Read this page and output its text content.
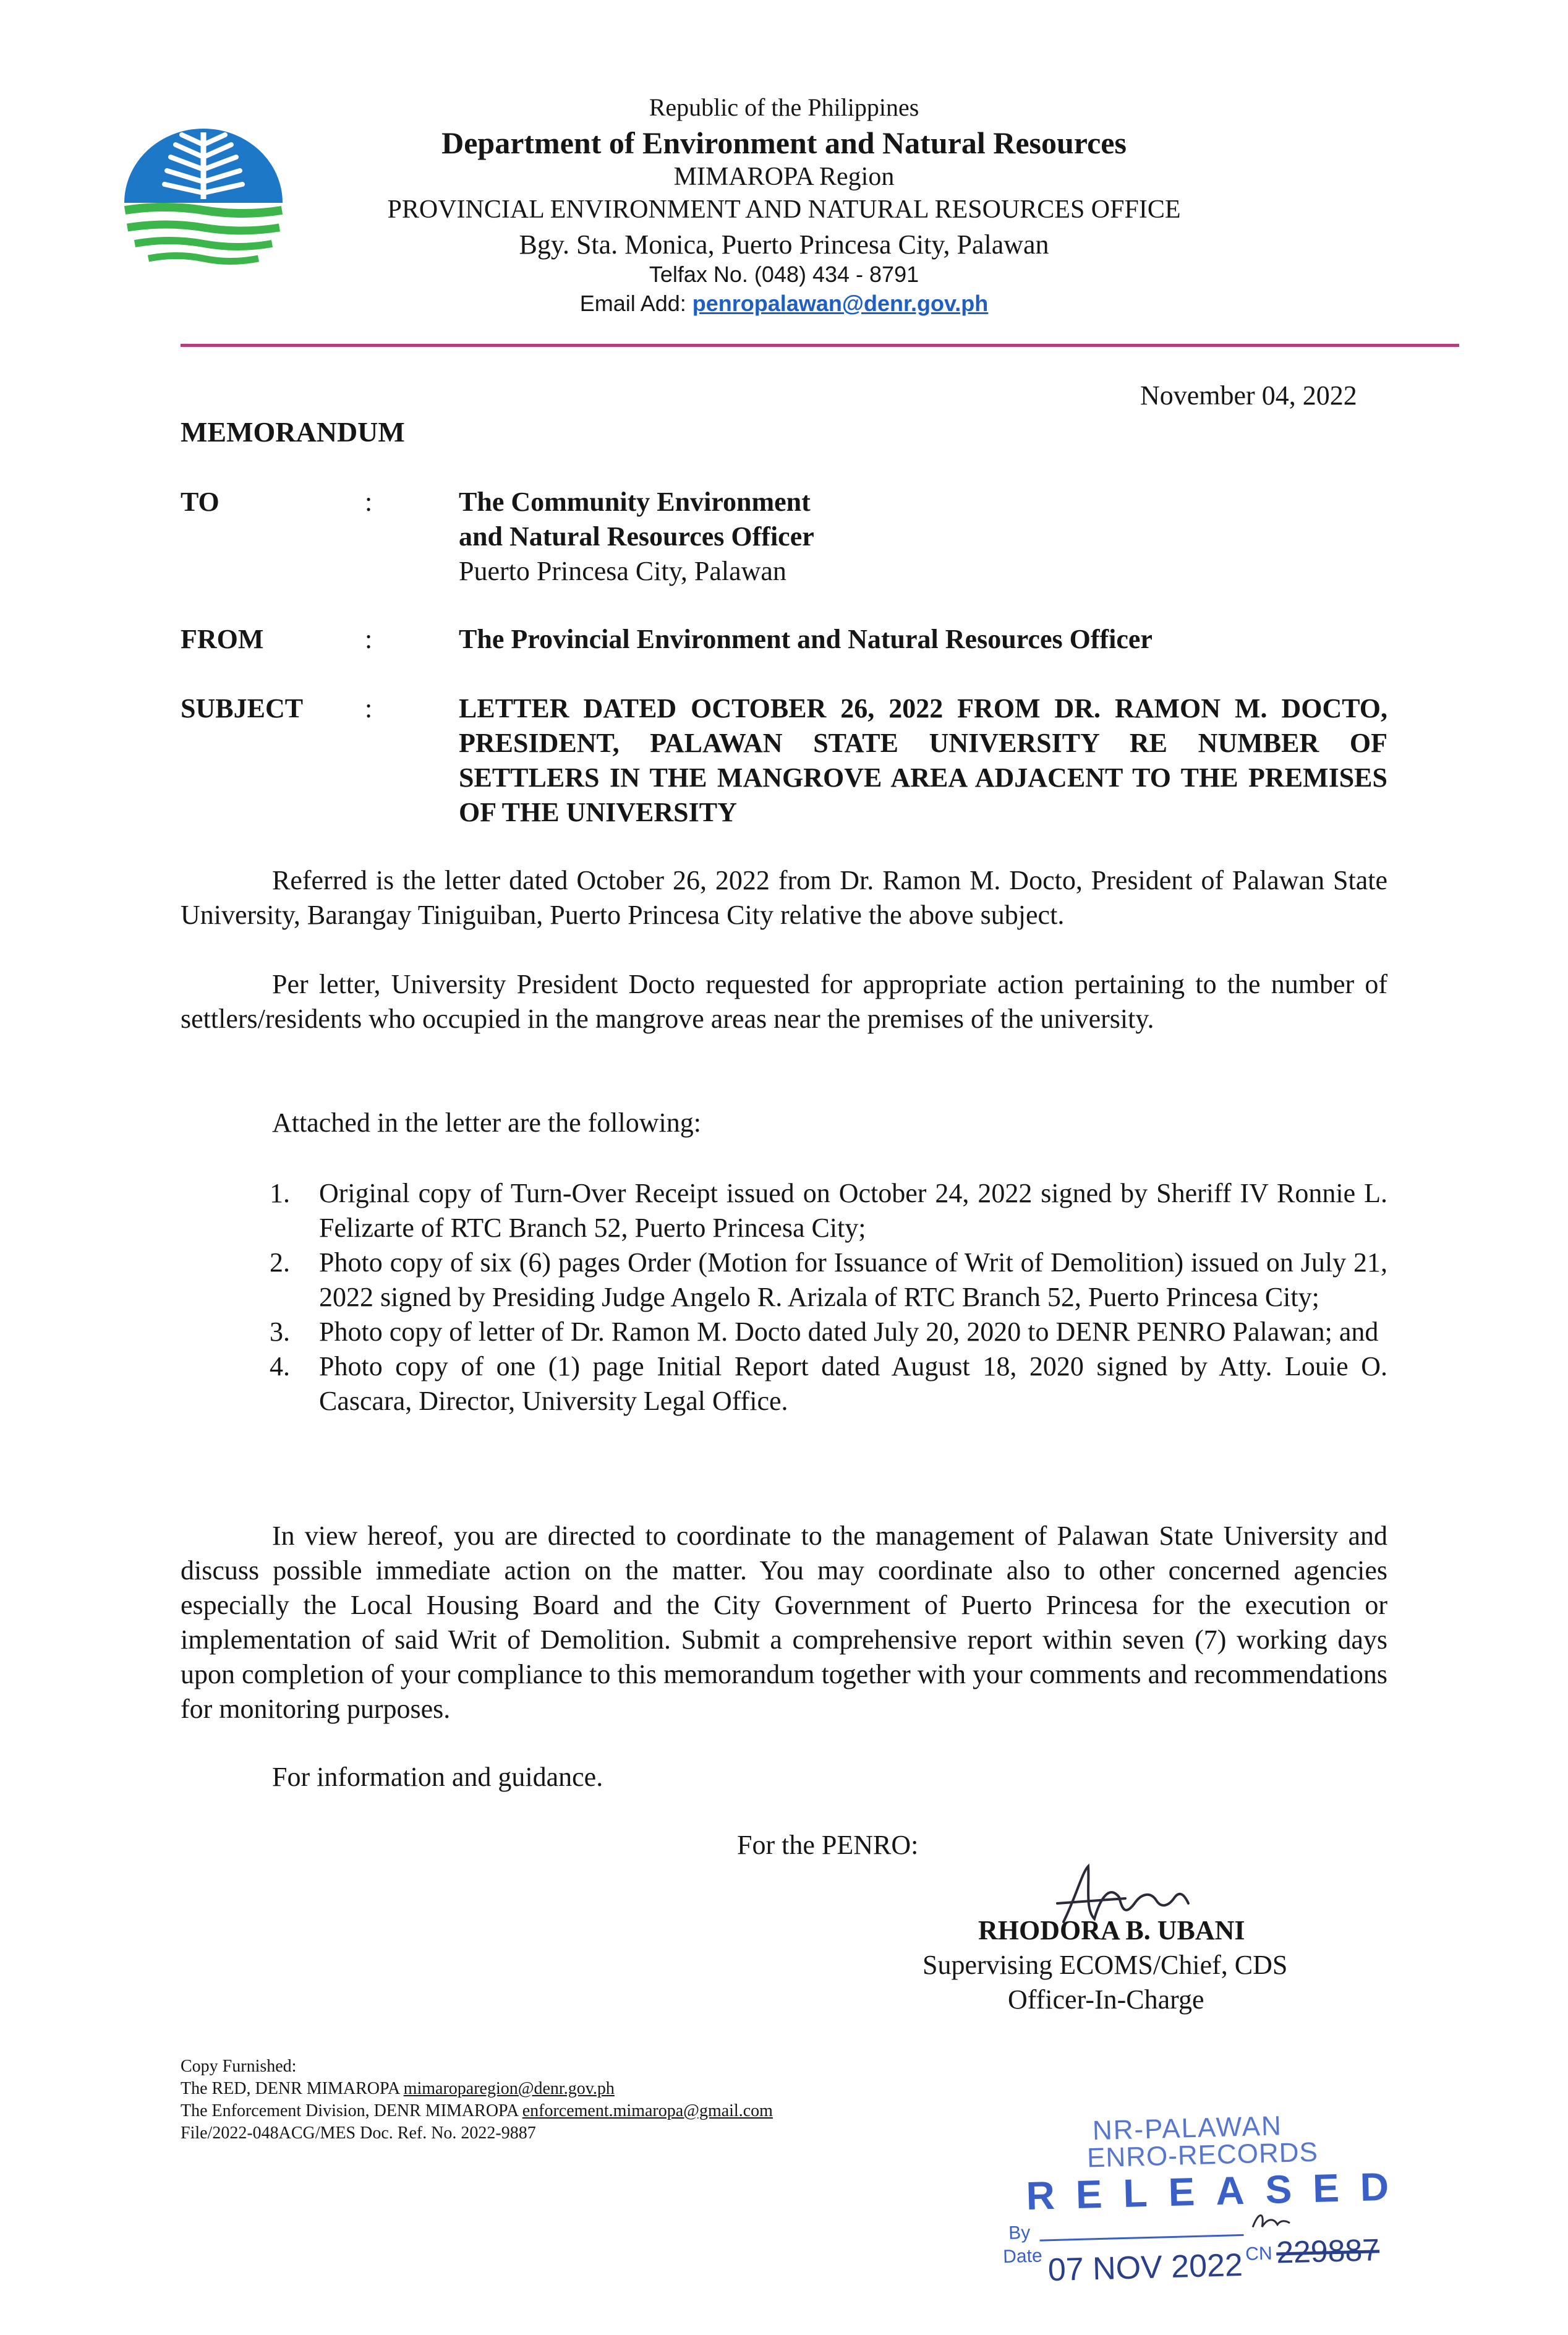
Republic of the Philippines
Department of Environment and Natural Resources
MIMAROPA Region
PROVINCIAL ENVIRONMENT AND NATURAL RESOURCES OFFICE
Bgy. Sta. Monica, Puerto Princesa City, Palawan
Telfax No. (048) 434 - 8791
Email Add: penropalawan@denr.gov.ph
November 04, 2022
MEMORANDUM
TO	:	The Community Environment
and Natural Resources Officer
Puerto Princesa City, Palawan
FROM	:	The Provincial Environment and Natural Resources Officer
SUBJECT :	LETTER DATED OCTOBER 26, 2022 FROM DR. RAMON M. DOCTO, PRESIDENT, PALAWAN STATE UNIVERSITY RE NUMBER OF SETTLERS IN THE MANGROVE AREA ADJACENT TO THE PREMISES OF THE UNIVERSITY

Referred is the letter dated October 26, 2022 from Dr. Ramon M. Docto, President of Palawan State University, Barangay Tiniguiban, Puerto Princesa City relative the above subject.

Per letter, University President Docto requested for appropriate action pertaining to the number of settlers/residents who occupied in the mangrove areas near the premises of the university.

Attached in the letter are the following:

1.	Original copy of Turn-Over Receipt issued on October 24, 2022 signed by Sheriff IV Ronnie L. Felizarte of RTC Branch 52, Puerto Princesa City;
2.	Photo copy of six (6) pages Order (Motion for Issuance of Writ of Demolition) issued on July 21, 2022 signed by Presiding Judge Angelo R. Arizala of RTC Branch 52, Puerto Princesa City;
3.	Photo copy of letter of Dr. Ramon M. Docto dated July 20, 2020 to DENR PENRO Palawan; and
4.	Photo copy of one (1) page Initial Report dated August 18, 2020 signed by Atty. Louie O. Cascara, Director, University Legal Office.

In view hereof, you are directed to coordinate to the management of Palawan State University and discuss possible immediate action on the matter. You may coordinate also to other concerned agencies especially the Local Housing Board and the City Government of Puerto Princesa for the execution or implementation of said Writ of Demolition. Submit a comprehensive report within seven (7) working days upon completion of your compliance to this memorandum together with your comments and recommendations for monitoring purposes.

For information and guidance.

For the PENRO:
RHODORA B. UBANI
Supervising ECOMS/Chief, CDS
Officer-In-Charge
Copy Furnished:
The RED, DENR MIMAROPA mimaroparegion@denr.gov.ph
The Enforcement Division, DENR MIMAROPA enforcement.mimaropa@gmail.com
File/2022-048ACG/MES Doc. Ref. No. 2022-9887	NR-PALAWAN
ENRO-RECORDS
RELEASED
By
Date 07 NOV 2022 CN 229887
